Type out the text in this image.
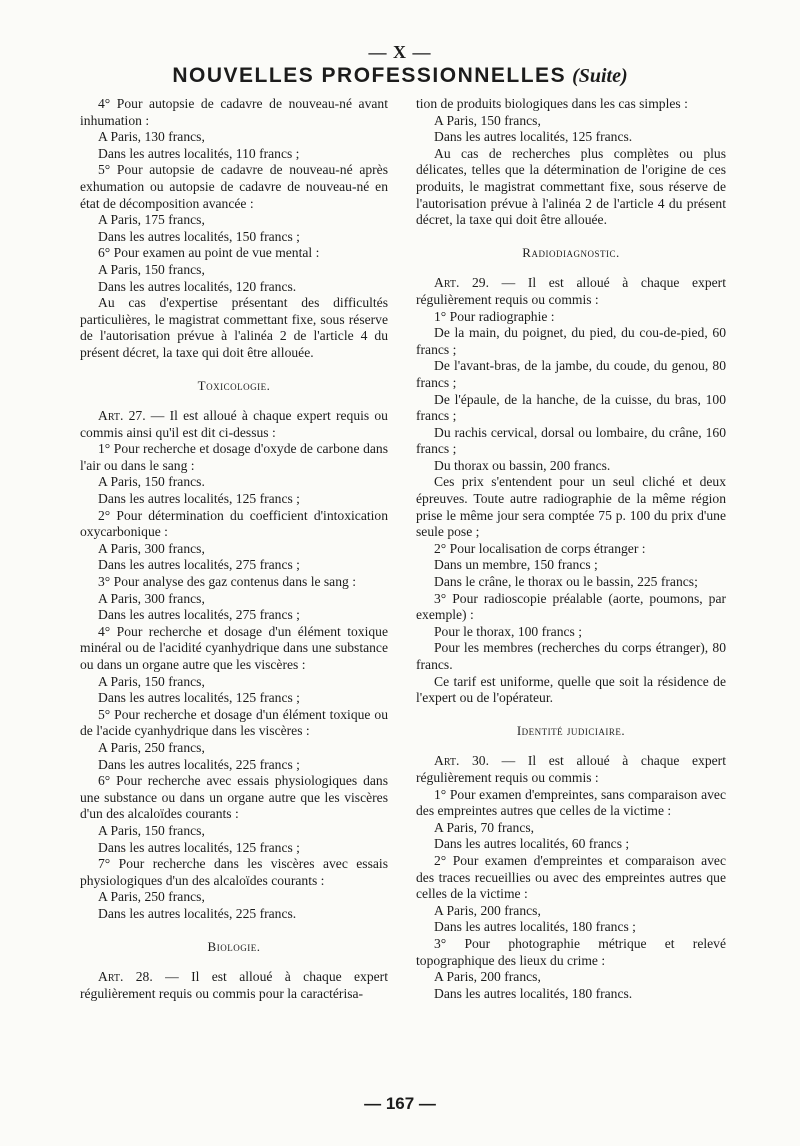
— X —
NOUVELLES PROFESSIONNELLES (Suite)

4° Pour autopsie de cadavre de nouveau-né avant inhumation :

A Paris, 130 francs,

Dans les autres localités, 110 francs ;

5° Pour autopsie de cadavre de nouveau-né après exhumation ou autopsie de cadavre de nouveau-né en état de décomposition avancée :

A Paris, 175 francs,

Dans les autres localités, 150 francs ;

6° Pour examen au point de vue mental :

A Paris, 150 francs,

Dans les autres localités, 120 francs.

Au cas d'expertise présentant des difficultés particulières, le magistrat commettant fixe, sous réserve de l'autorisation prévue à l'alinéa 2 de l'article 4 du présent décret, la taxe qui doit être allouée.

Toxicologie.

Art. 27. — Il est alloué à chaque expert requis ou commis ainsi qu'il est dit ci-dessus :

1° Pour recherche et dosage d'oxyde de carbone dans l'air ou dans le sang :

A Paris, 150 francs.

Dans les autres localités, 125 francs ;

2° Pour détermination du coefficient d'intoxication oxycarbonique :

A Paris, 300 francs,

Dans les autres localités, 275 francs ;

3° Pour analyse des gaz contenus dans le sang :

A Paris, 300 francs,

Dans les autres localités, 275 francs ;

4° Pour recherche et dosage d'un élément toxique minéral ou de l'acidité cyanhydrique dans une substance ou dans un organe autre que les viscères :

A Paris, 150 francs,

Dans les autres localités, 125 francs ;

5° Pour recherche et dosage d'un élément toxique ou de l'acide cyanhydrique dans les viscères :

A Paris, 250 francs,

Dans les autres localités, 225 francs ;

6° Pour recherche avec essais physiologiques dans une substance ou dans un organe autre que les viscères d'un des alcaloïdes courants :

A Paris, 150 francs,

Dans les autres localités, 125 francs ;

7° Pour recherche dans les viscères avec essais physiologiques d'un des alcaloïdes courants :

A Paris, 250 francs,

Dans les autres localités, 225 francs.

Biologie.

Art. 28. — Il est alloué à chaque expert régulièrement requis ou commis pour la caractérisa-

tion de produits biologiques dans les cas simples :

A Paris, 150 francs,

Dans les autres localités, 125 francs.

Au cas de recherches plus complètes ou plus délicates, telles que la détermination de l'origine de ces produits, le magistrat commettant fixe, sous réserve de l'autorisation prévue à l'alinéa 2 de l'article 4 du présent décret, la taxe qui doit être allouée.

Radiodiagnostic.

Art. 29. — Il est alloué à chaque expert régulièrement requis ou commis :

1° Pour radiographie :

De la main, du poignet, du pied, du cou-de-pied, 60 francs ;

De l'avant-bras, de la jambe, du coude, du genou, 80 francs ;

De l'épaule, de la hanche, de la cuisse, du bras, 100 francs ;

Du rachis cervical, dorsal ou lombaire, du crâne, 160 francs ;

Du thorax ou bassin, 200 francs.

Ces prix s'entendent pour un seul cliché et deux épreuves. Toute autre radiographie de la même région prise le même jour sera comptée 75 p. 100 du prix d'une seule pose ;

2° Pour localisation de corps étranger :

Dans un membre, 150 francs ;

Dans le crâne, le thorax ou le bassin, 225 francs;

3° Pour radioscopie préalable (aorte, poumons, par exemple) :

Pour le thorax, 100 francs ;

Pour les membres (recherches du corps étranger), 80 francs.

Ce tarif est uniforme, quelle que soit la résidence de l'expert ou de l'opérateur.

Identité judiciaire.

Art. 30. — Il est alloué à chaque expert régulièrement requis ou commis :

1° Pour examen d'empreintes, sans comparaison avec des empreintes autres que celles de la victime :

A Paris, 70 francs,

Dans les autres localités, 60 francs ;

2° Pour examen d'empreintes et comparaison avec des traces recueillies ou avec des empreintes autres que celles de la victime :

A Paris, 200 francs,

Dans les autres localités, 180 francs ;

3° Pour photographie métrique et relevé topographique des lieux du crime :

A Paris, 200 francs,

Dans les autres localités, 180 francs.

— 167 —
